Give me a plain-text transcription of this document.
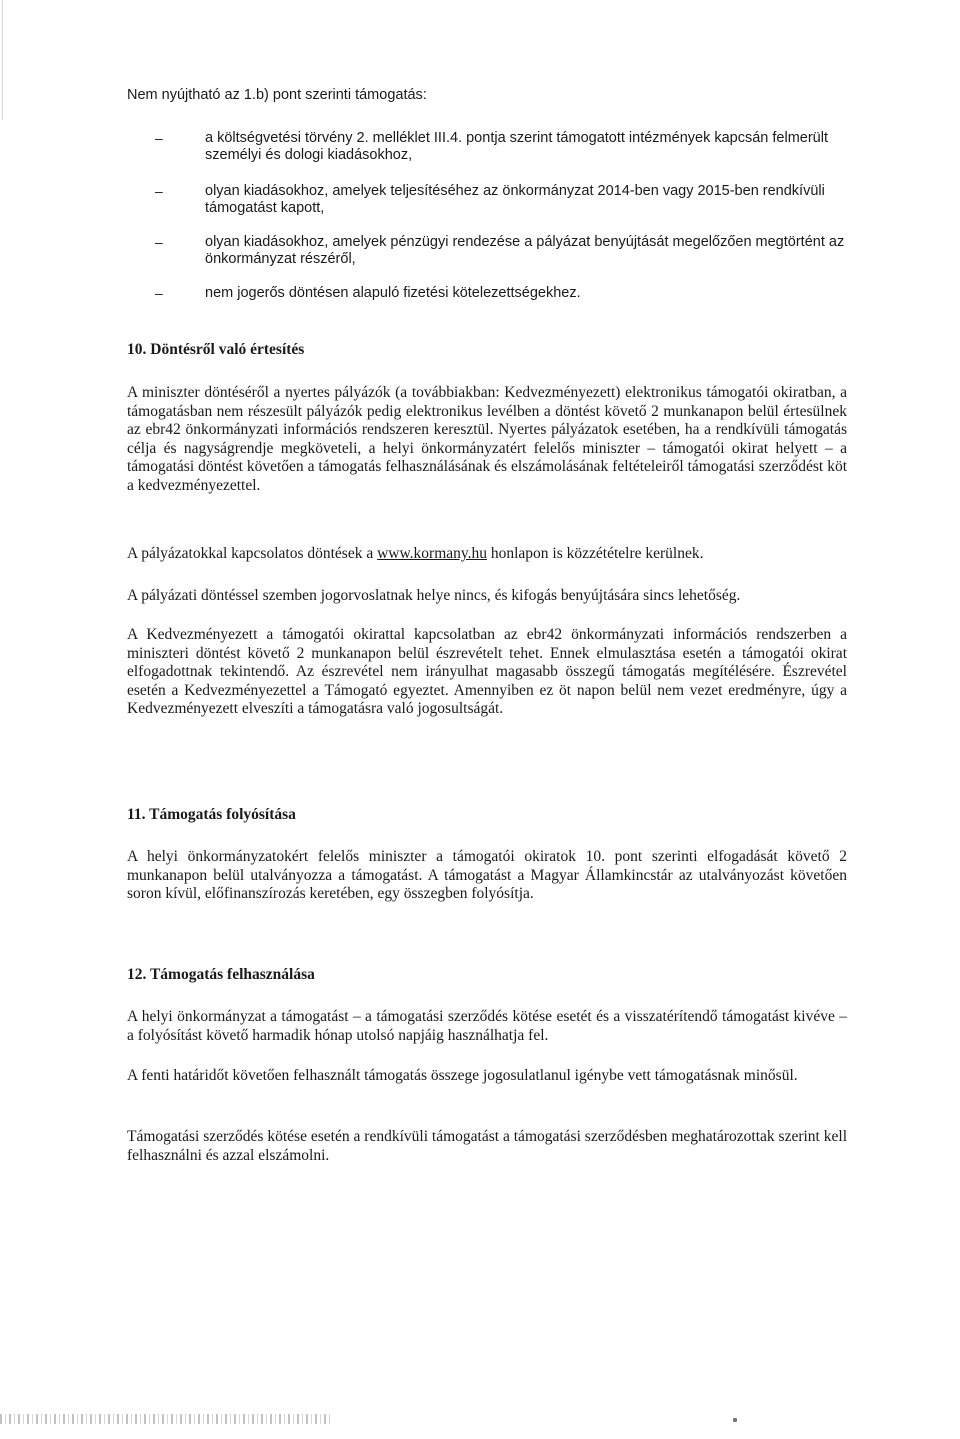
Nem nyújtható az 1.b) pont szerinti támogatás:

–	a költségvetési törvény 2. melléklet III.4. pontja szerint támogatott intézmények kapcsán felmerült személyi és dologi kiadásokhoz,

–	olyan kiadásokhoz, amelyek teljesítéséhez az önkormányzat 2014-ben vagy 2015-ben rendkívüli támogatást kapott,

–	olyan kiadásokhoz, amelyek pénzügyi rendezése a pályázat benyújtását megelőzően megtörtént az önkormányzat részéről,

–	nem jogerős döntésen alapuló fizetési kötelezettségekhez.

10. Döntésről való értesítés

A miniszter döntéséről a nyertes pályázók (a továbbiakban: Kedvezményezett) elektronikus támogatói okiratban, a támogatásban nem részesült pályázók pedig elektronikus levélben a döntést követő 2 munkanapon belül értesülnek az ebr42 önkormányzati információs rendszeren keresztül. Nyertes pályázatok esetében, ha a rendkívüli támogatás célja és nagyságrendje megköveteli, a helyi önkormányzatért felelős miniszter – támogatói okirat helyett – a támogatási döntést követően a támogatás felhasználásának és elszámolásának feltételeiről támogatási szerződést köt a kedvezményezettel.

A pályázatokkal kapcsolatos döntések a www.kormany.hu honlapon is közzétételre kerülnek.

A pályázati döntéssel szemben jogorvoslatnak helye nincs, és kifogás benyújtására sincs lehetőség.

A Kedvezményezett a támogatói okirattal kapcsolatban az ebr42 önkormányzati információs rendszerben a miniszteri döntést követő 2 munkanapon belül észrevételt tehet. Ennek elmulasztása esetén a támogatói okirat elfogadottnak tekintendő. Az észrevétel nem irányulhat magasabb összegű támogatás megítélésére. Észrevétel esetén a Kedvezményezettel a Támogató egyeztet. Amennyiben ez öt napon belül nem vezet eredményre, úgy a Kedvezményezett elveszíti a támogatásra való jogosultságát.

11. Támogatás folyósítása

A helyi önkormányzatokért felelős miniszter a támogatói okiratok 10. pont szerinti elfogadását követő 2 munkanapon belül utalványozza a támogatást. A támogatást a Magyar Államkincstár az utalványozást követően soron kívül, előfinanszírozás keretében, egy összegben folyósítja.

12. Támogatás felhasználása

A helyi önkormányzat a támogatást – a támogatási szerződés kötése esetét és a visszatérítendő támogatást kivéve – a folyósítást követő harmadik hónap utolsó napjáig használhatja fel.

A fenti határidőt követően felhasznált támogatás összege jogosulatlanul igénybe vett támogatásnak minősül.

Támogatási szerződés kötése esetén a rendkívüli támogatást a támogatási szerződésben meghatározottak szerint kell felhasználni és azzal elszámolni.
